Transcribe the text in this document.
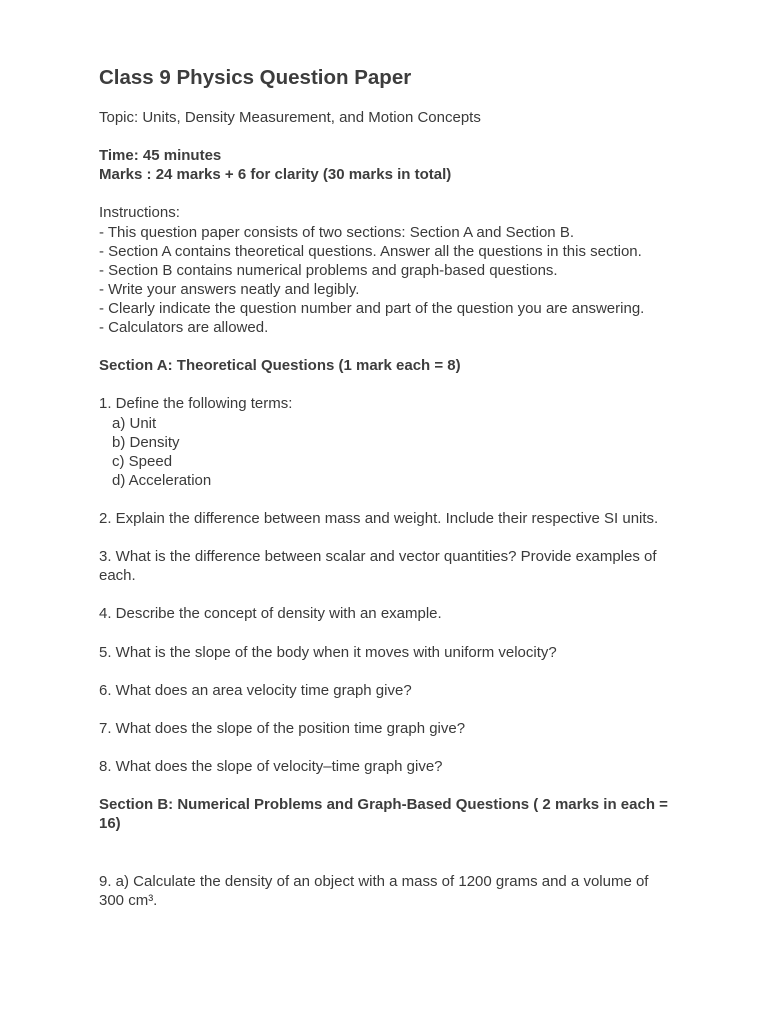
Class 9 Physics Question Paper

Topic: Units, Density Measurement, and Motion Concepts

Time: 45 minutes

Marks : 24 marks + 6 for clarity (30 marks in total)

Instructions:

- This question paper consists of two sections: Section A and Section B.

- Section A contains theoretical questions. Answer all the questions in this section.

- Section B contains numerical problems and graph-based questions.

- Write your answers neatly and legibly.

- Clearly indicate the question number and part of the question you are answering.

- Calculators are allowed.

Section A: Theoretical Questions (1 mark each = 8)

1. Define the following terms:

a) Unit

b) Density

c) Speed

d) Acceleration

2. Explain the difference between mass and weight. Include their respective SI units.

3. What is the difference between scalar and vector quantities? Provide examples of each.

4. Describe the concept of density with an example.

5. What is the slope of the body when it moves with uniform velocity?

6. What does an area velocity time graph give?

7. What does the slope of the position time graph give?

8. What does the slope of velocity–time graph give?

Section B: Numerical Problems and Graph-Based Questions ( 2 marks in each = 16)

9. a) Calculate the density of an object with a mass of 1200 grams and a volume of 300 cm³.
